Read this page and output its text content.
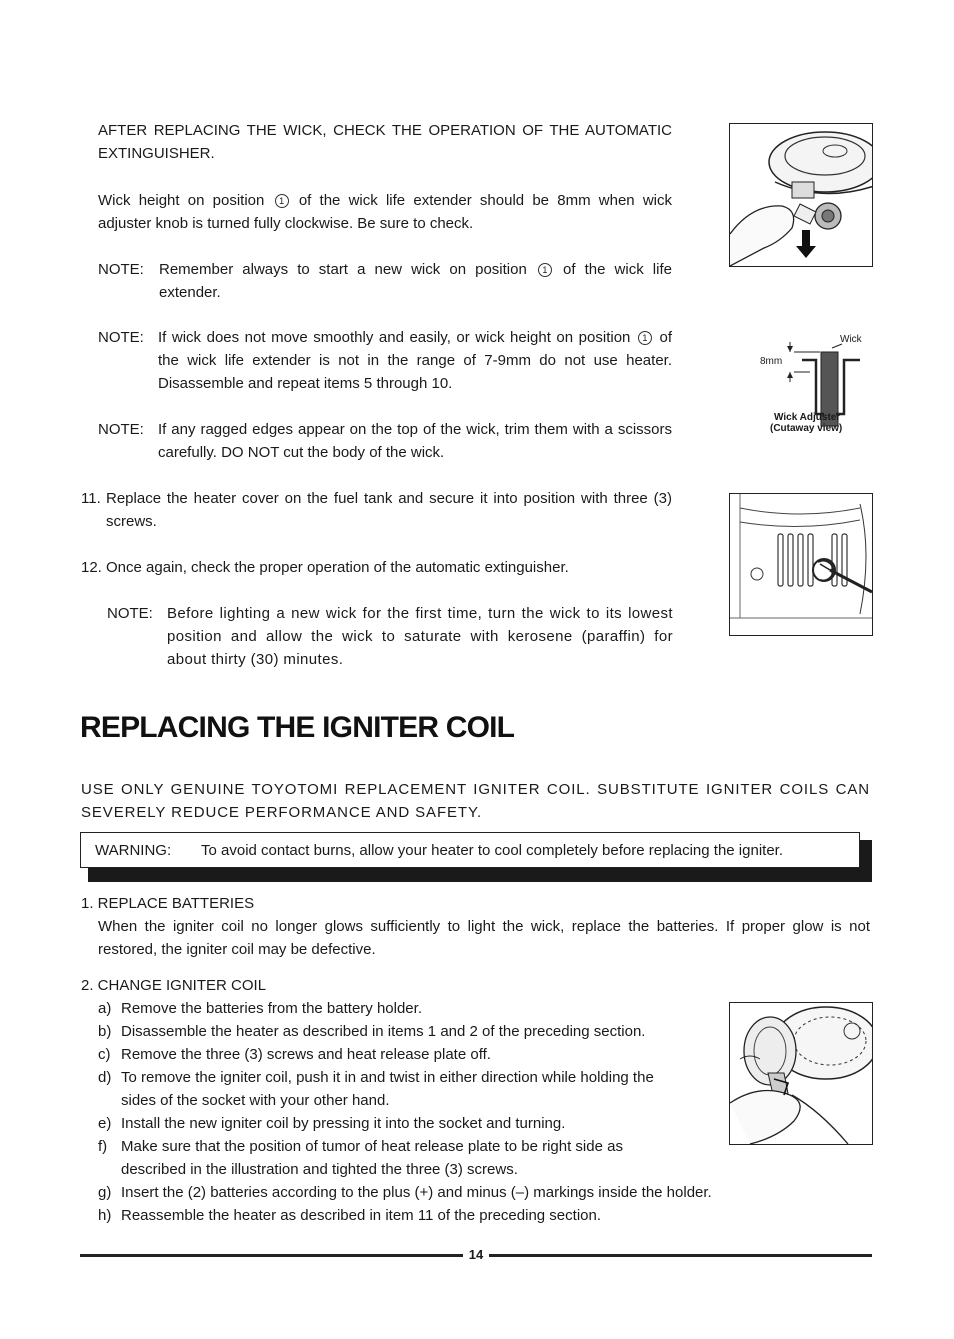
AFTER REPLACING THE WICK, CHECK THE OPERATION OF THE AUTOMATIC EXTINGUISHER.
Wick height on position 1 of the wick life extender should be 8mm when wick adjuster knob is turned fully clockwise. Be sure to check.
NOTE: Remember always to start a new wick on position 1 of the wick life extender.
NOTE: If wick does not move smoothly and easily, or wick height on position 1 of the wick life extender is not in the range of 7-9mm do not use heater. Disassemble and repeat items 5 through 10.
NOTE: If any ragged edges appear on the top of the wick, trim them with a scissors carefully. DO NOT cut the body of the wick.
11. Replace the heater cover on the fuel tank and secure it into position with three (3) screws.
12. Once again, check the proper operation of the automatic extinguisher.
NOTE: Before lighting a new wick for the first time, turn the wick to its lowest position and allow the wick to saturate with kerosene (paraffin) for about thirty (30) minutes.
Wick
8mm
Wick Adjuster
(Cutaway view)
REPLACING THE IGNITER COIL
USE ONLY GENUINE TOYOTOMI REPLACEMENT IGNITER COIL. SUBSTITUTE IGNITER COILS CAN SEVERELY REDUCE PERFORMANCE AND SAFETY.
WARNING: To avoid contact burns, allow your heater to cool completely before replacing the igniter.
1. REPLACE BATTERIES
When the igniter coil no longer glows sufficiently to light the wick, replace the batteries. If proper glow is not restored, the igniter coil may be defective.
2. CHANGE IGNITER COIL
a) Remove the batteries from the battery holder.
b) Disassemble the heater as described in items 1 and 2 of the preceding section.
c) Remove the three (3) screws and heat release plate off.
d) To remove the igniter coil, push it in and twist in either direction while holding the sides of the socket with your other hand.
e) Install the new igniter coil by pressing it into the socket and turning.
f) Make sure that the position of tumor of heat release plate to be right side as described in the illustration and tighted the three (3) screws.
g) Insert the (2) batteries according to the plus (+) and minus (–) markings inside the holder.
h) Reassemble the heater as described in item 11 of the preceding section.
14
